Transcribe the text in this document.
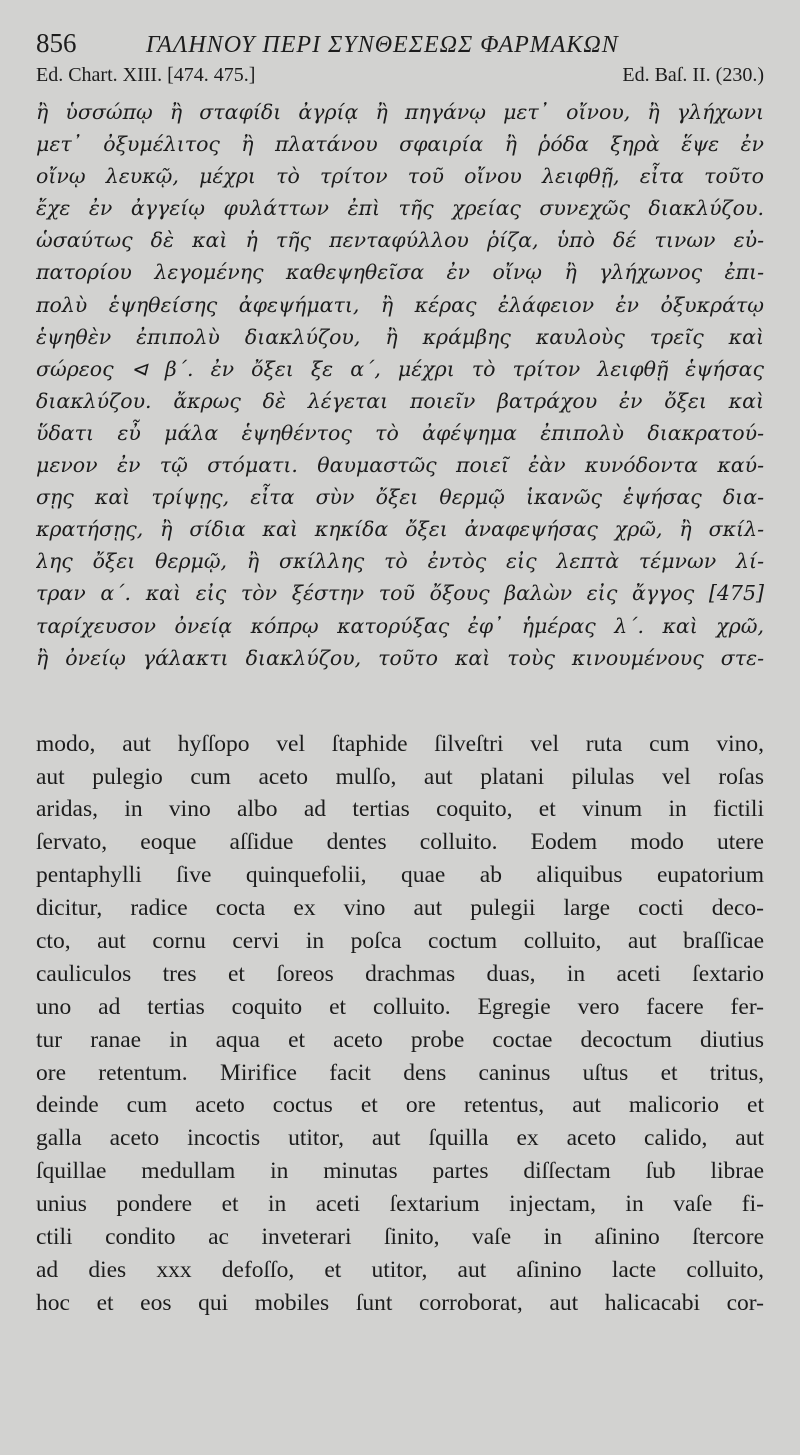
856	ΓΑΛΗΝΟΥ ΠΕΡΙ ΣΥΝΘΕΣΕΩΣ ΦΑΡΜΑΚΩΝ
Ed. Chart. XIII. [474. 475.]	Ed. Baſ. II. (230.)
ἢ ὑσσώπῳ ἢ σταφίδι ἀγρίᾳ ἢ πηγάνῳ μετ᾽ οἴνου, ἢ γλήχωνι
μετ᾽ ὀξυμέλιτος ἢ πλατάνου σφαιρία ἢ ῥόδα ξηρὰ ἕψε ἐν
οἴνῳ λευκῷ, μέχρι τὸ τρίτον τοῦ οἴνου λειφθῇ, εἶτα τοῦτο
ἔχε ἐν ἀγγείῳ φυλάττων ἐπὶ τῆς χρείας συνεχῶς διακλύζου.
ὡσαύτως δὲ καὶ ἡ τῆς πενταφύλλου ῥίζα, ὑπὸ δέ τινων εὐ-
πατορίου λεγομένης καθεψηθεῖσα ἐν οἴνῳ ἢ γλήχωνος ἐπι-
πολὺ ἑψηθείσης ἀφεψήματι, ἢ κέρας ἐλάφειον ἐν ὀξυκράτῳ
ἑψηθὲν ἐπιπολὺ διακλύζου, ἢ κράμβης καυλοὺς τρεῖς καὶ
σώρεος ⊲ β΄. ἐν ὄξει ξε α΄, μέχρι τὸ τρίτον λειφθῇ ἑψήσας
διακλύζου. ἄκρως δὲ λέγεται ποιεῖν βατράχου ἐν ὄξει καὶ
ὕδατι εὖ μάλα ἑψηθέντος τὸ ἀφέψημα ἐπιπολὺ διακρατού-
μενον ἐν τῷ στόματι. θαυμαστῶς ποιεῖ ἐὰν κυνόδοντα καύ-
σῃς καὶ τρίψῃς, εἶτα σὺν ὄξει θερμῷ ἱκανῶς ἑψήσας δια-
κρατήσῃς, ἢ σίδια καὶ κηκίδα ὄξει ἀναφεψήσας χρῶ, ἢ σκίλ-
λης ὄξει θερμῷ, ἢ σκίλλης τὸ ἐντὸς εἰς λεπτὰ τέμνων λί-
τραν α΄. καὶ εἰς τὸν ξέστην τοῦ ὄξους βαλὼν εἰς ἄγγος [475]
ταρίχευσον ὀνείᾳ κόπρῳ κατορύξας ἐφ᾽ ἡμέρας λ΄. καὶ χρῶ,
ἢ ὀνείῳ γάλακτι διακλύζου, τοῦτο καὶ τοὺς κινουμένους στε-
modo, aut hyſſopo vel ſtaphide ſilveſtri vel ruta cum vino,
aut pulegio cum aceto mulſo, aut platani pilulas vel roſas
aridas, in vino albo ad tertias coquito, et vinum in fictili
ſervato, eoque aſſidue dentes colluito. Eodem modo utere
pentaphylli ſive quinquefolii, quae ab aliquibus eupatorium
dicitur, radice cocta ex vino aut pulegii large cocti deco-
cto, aut cornu cervi in poſca coctum colluito, aut braſſicae
cauliculos tres et ſoreos drachmas duas, in aceti ſextario
uno ad tertias coquito et colluito. Egregie vero facere fer-
tur ranae in aqua et aceto probe coctae decoctum diutius
ore retentum. Mirifice facit dens caninus uſtus et tritus,
deinde cum aceto coctus et ore retentus, aut malicorio et
galla aceto incoctis utitor, aut ſquilla ex aceto calido, aut
ſquillae medullam in minutas partes diſſectam ſub librae
unius pondere et in aceti ſextarium injectam, in vaſe fi-
ctili condito ac inveterari ſinito, vaſe in aſinino ſtercore
ad dies xxx defoſſo, et utitor, aut aſinino lacte colluito,
hoc et eos qui mobiles ſunt corroborat, aut halicacabi cor-
